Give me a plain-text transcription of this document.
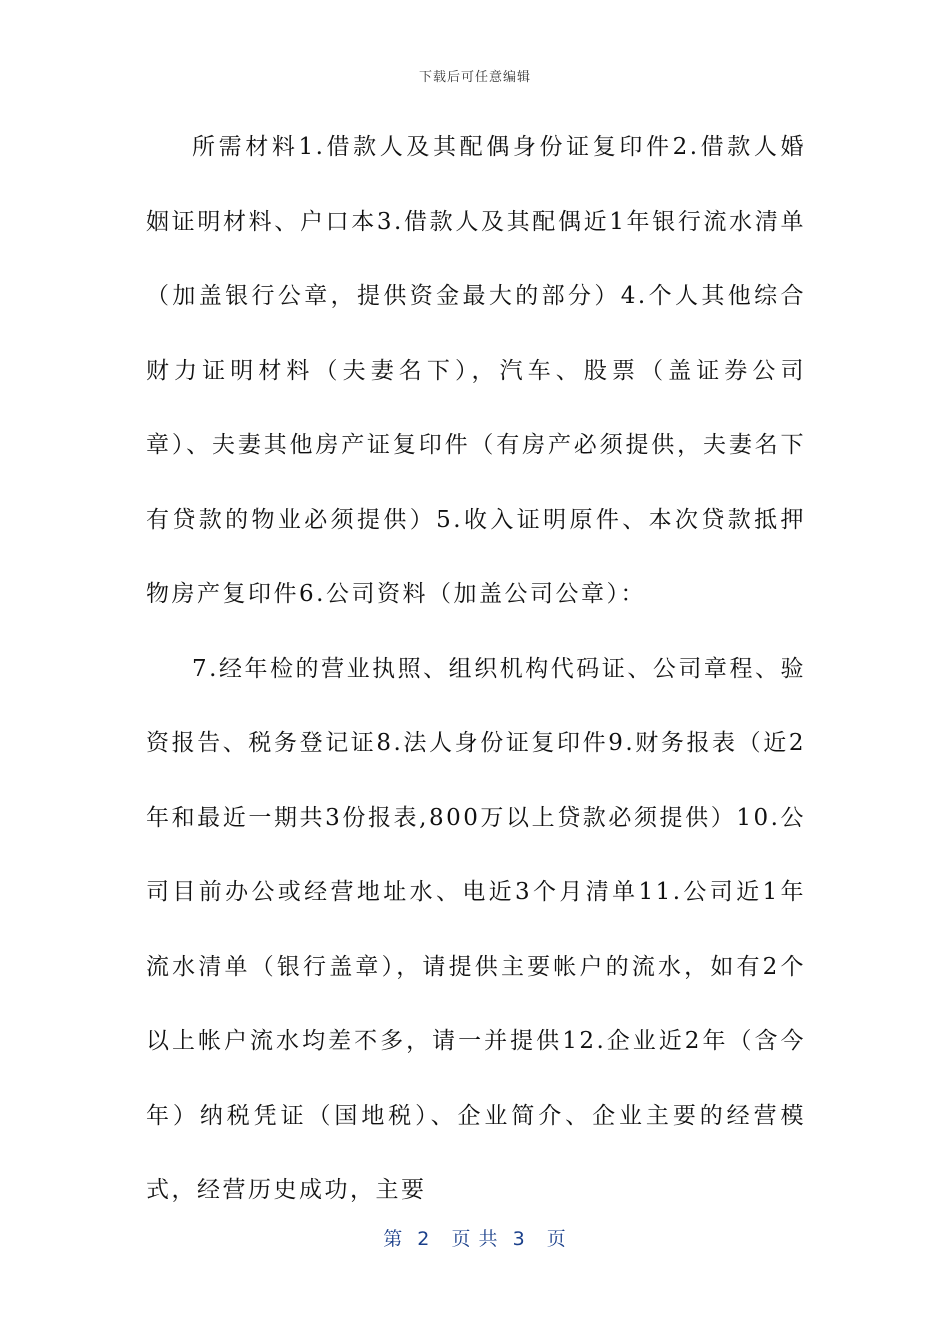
下载后可任意编辑

所需材料1.借款人及其配偶身份证复印件2.借款人婚姻证明材料、户口本3.借款人及其配偶近1年银行流水清单（加盖银行公章，提供资金最大的部分）4.个人其他综合财力证明材料（夫妻名下），汽车、股票（盖证券公司章）、夫妻其他房产证复印件（有房产必须提供，夫妻名下有贷款的物业必须提供）5.收入证明原件、本次贷款抵押物房产复印件6.公司资料（加盖公司公章）：

7.经年检的营业执照、组织机构代码证、公司章程、验资报告、税务登记证8.法人身份证复印件9.财务报表（近2年和最近一期共3份报表,800万以上贷款必须提供）10.公司目前办公或经营地址水、电近3个月清单11.公司近1年流水清单（银行盖章），请提供主要帐户的流水，如有2个以上帐户流水均差不多，请一并提供12.企业近2年（含今年）纳税凭证（国地税）、企业简介、企业主要的经营模式，经营历史成功，主要

第  2   页 共  3   页
